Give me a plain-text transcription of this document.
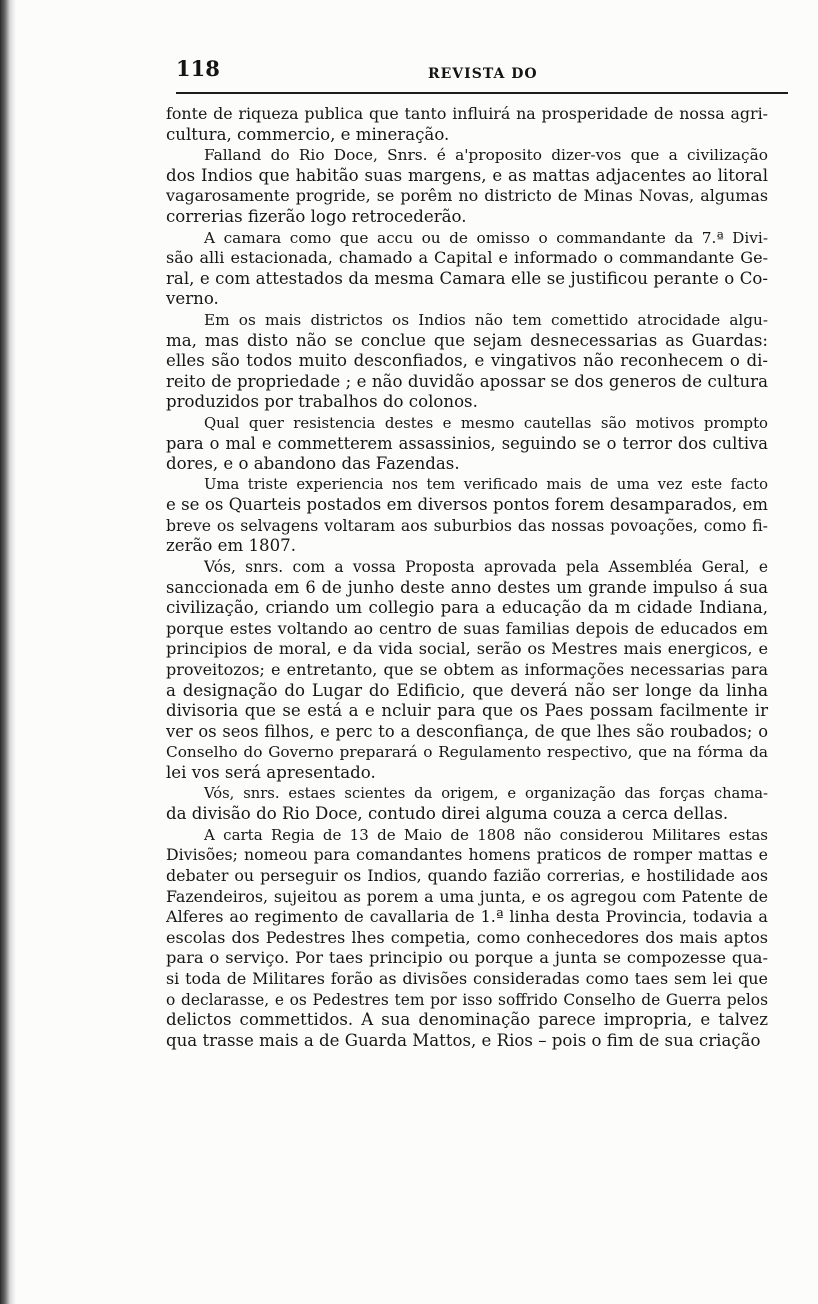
118	REVISTA DO
fonte de riqueza publica que tanto influirá na prosperidade de nossa agri-
cultura, commercio, e mineração.
Falland do Rio Doce, Snrs. é a'proposito dizer-vos que a civilização
dos Indios que habitão suas margens, e as mattas adjacentes ao litoral
vagarosamente progride, se porêm no districto de Minas Novas, algumas
correrias fizerão logo retrocederão.
A camara como que accu ou de omisso o commandante da 7.ª Divi-
são alli estacionada, chamado a Capital e informado o commandante Ge-
ral, e com attestados da mesma Camara elle se justificou perante o Co-
verno.
Em os mais districtos os Indios não tem comettido atrocidade algu-
ma, mas disto não se conclue que sejam desnecessarias as Guardas:
elles são todos muito desconfiados, e vingativos não reconhecem o di-
reito de propriedade ; e não duvidão apossar se dos generos de cultura
produzidos por trabalhos do colonos.
Qual quer resistencia destes e mesmo cautellas são motivos prompto
para o mal e commetterem assassinios, seguindo se o terror dos cultiva
dores, e o abandono das Fazendas.
Uma triste experiencia nos tem verificado mais de uma vez este facto
e se os Quarteis postados em diversos pontos forem desamparados, em
breve os selvagens voltaram aos suburbios das nossas povoações, como fi-
zerão em 1807.
Vós, snrs. com a vossa Proposta aprovada pela Assembléa Geral, e
sanccionada em 6 de junho deste anno destes um grande impulso á sua
civilização, criando um collegio para a educação da m cidade Indiana,
porque estes voltando ao centro de suas familias depois de educados em
principios de moral, e da vida social, serão os Mestres mais energicos, e
proveitozos; e entretanto, que se obtem as informações necessarias para
a designação do Lugar do Edificio, que deverá não ser longe da linha
divisoria que se está a e ncluir para que os Paes possam facilmente ir
ver os seos filhos, e perc to a desconfiança, de que lhes são roubados; o
Conselho do Governo preparará o Regulamento respectivo, que na fórma da
lei vos será apresentado.
Vós, snrs. estaes scientes da origem, e organização das forças chama-
da divisão do Rio Doce, contudo direi alguma couza a cerca dellas.
A carta Regia de 13 de Maio de 1808 não considerou Militares estas
Divisões; nomeou para comandantes homens praticos de romper mattas e
debater ou perseguir os Indios, quando fazião correrias, e hostilidade aos
Fazendeiros, sujeitou as porem a uma junta, e os agregou com Patente de
Alferes ao regimento de cavallaria de 1.ª linha desta Provincia, todavia a
escolas dos Pedestres lhes competia, como conhecedores dos mais aptos
para o serviço. Por taes principio ou porque a junta se compozesse qua-
si toda de Militares forão as divisões consideradas como taes sem lei que
o declarasse, e os Pedestres tem por isso soffrido Conselho de Guerra pelos
delictos commettidos. A sua denominação parece impropria, e talvez
qua trasse mais a de Guarda Mattos, e Rios – pois o fim de sua criação
